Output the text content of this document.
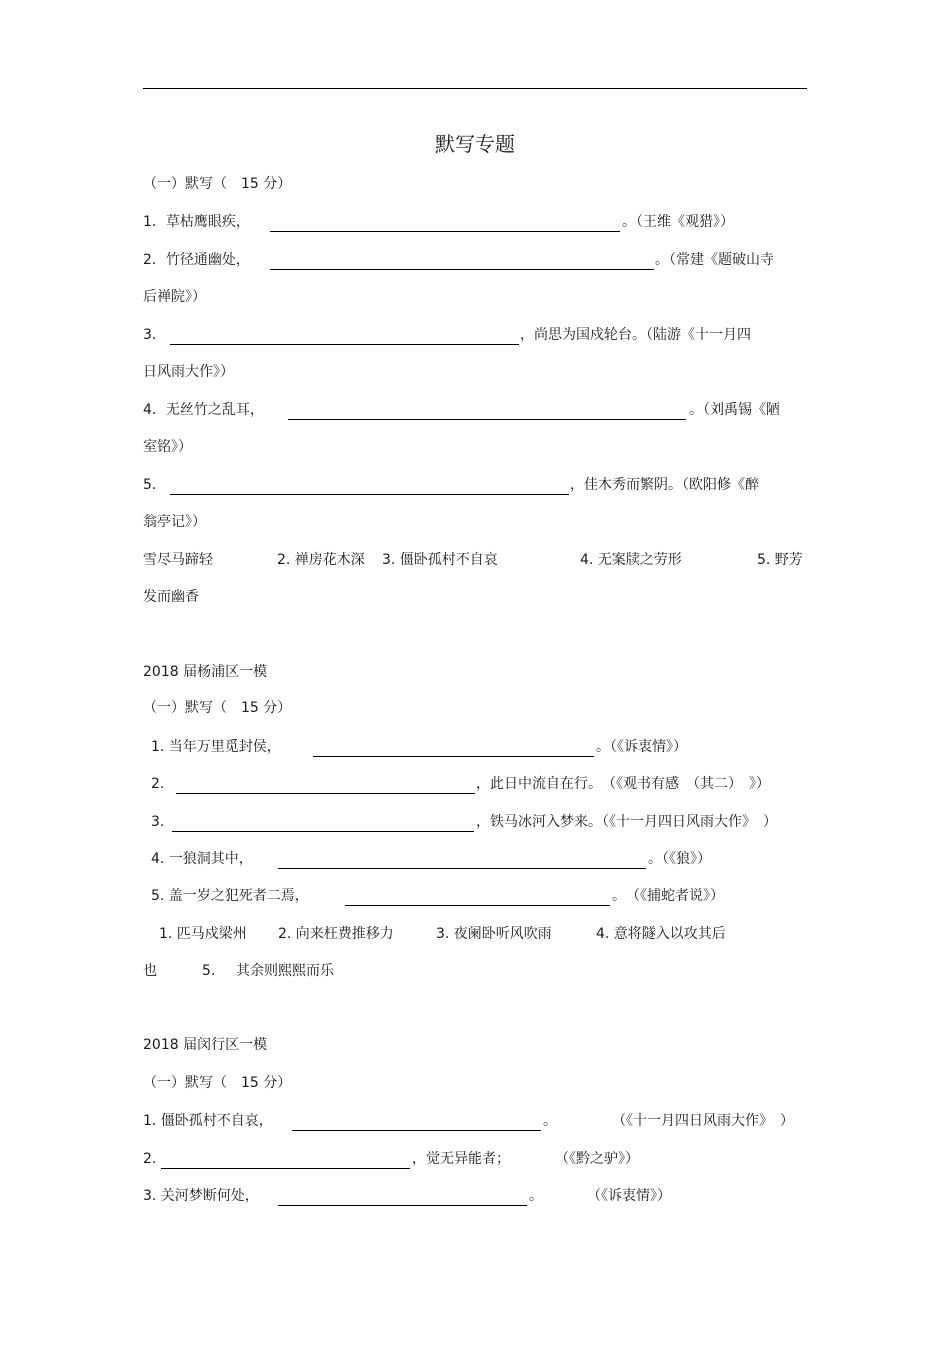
默写专题
（一）默写（　15 分）
1．草枯鹰眼疾，	。（王维《观猎》）
2．竹径通幽处，	。（常建《题破山寺
后禅院》）
3．	，尚思为国戍轮台。（陆游《十一月四
日风雨大作》）
4．无丝竹之乱耳，	。（刘禹锡《陋
室铭》）
5．	，佳木秀而繁阴。（欧阳修《醉
翁亭记》）
雪尽马蹄轻	2. 禅房花木深 3. 僵卧孤村不自哀	4. 无案牍之劳形	5. 野芳
发而幽香
2018 届杨浦区一模
（一）默写（　15 分）
1. 当年万里觅封侯，	。（《诉衷情》）
2.	，此日中流自在行。　（《观书有感　（其二）　》）
3.	，铁马冰河入梦来。（《十一月四日风雨大作》　）
4. 一狼洞其中，	。（《狼》）
5. 盖一岁之犯死者二焉，	。　（《捕蛇者说》）
1. 匹马戍梁州 2. 向来枉费推移力	3. 夜阑卧听风吹雨	4. 意将隧入以攻其后
也	5. 其余则熙熙而乐
2018 届闵行区一模
（一）默写（　15 分）
1. 僵卧孤村不自哀，	。	（《十一月四日风雨大作》　）
2.	，觉无异能者；	（《黔之驴》）
3. 关河梦断何处，	。	（《诉衷情》）
